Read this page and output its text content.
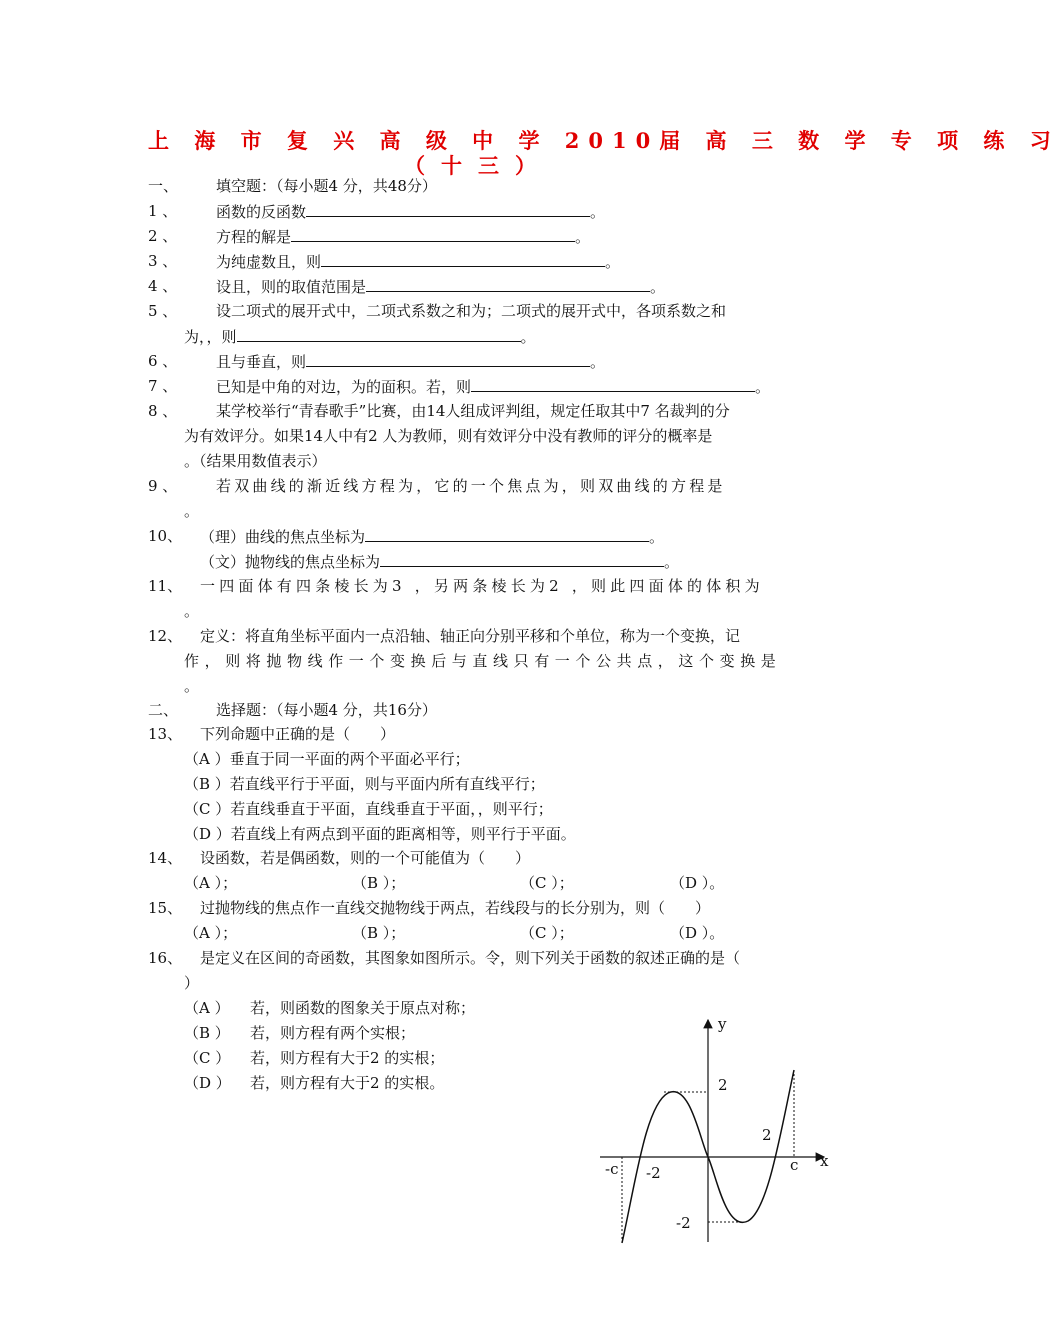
上 海 市 复 兴 高 级 中 学 2010届 高 三 数 学 专 项 练 习
（十三）
一、	填空题：（每小题4 分，共48分）
1 、	函数的反函数	。
2 、	方程的解是	。
3 、	为纯虚数且，则	。
4 、	设且，则的取值范围是	。
5 、	设二项式的展开式中，二项式系数之和为；二项式的展开式中，各项系数之和
为，，则	。
6 、	且与垂直，则	。
7 、	已知是中角的对边，为的面积。若，则	。
8 、	某学校举行“青春歌手”比赛，由14人组成评判组，规定任取其中7 名裁判的分
为有效评分。如果14人中有2 人为教师，则有效评分中没有教师的评分的概率是
。（结果用数值表示）
9 、	若双曲线的渐近线方程为，它的一个焦点为，则双曲线的方程是
。
10、 （理）曲线的焦点坐标为	。
（文）抛物线的焦点坐标为	。
11、 一四面体有四条棱长为3 ，另两条棱长为2 ，则此四面体的体积为
。
12、 定义：将直角坐标平面内一点沿轴、轴正向分别平移和个单位，称为一个变换，记
作，则将抛物线作一个变换后与直线只有一个公共点，这个变换是
。
二、	选择题：（每小题4 分，共16分）
13、 下列命题中正确的是（　　）
（A ）垂直于同一平面的两个平面必平行；
（B ）若直线平行于平面，则与平面内所有直线平行；
（C ）若直线垂直于平面，直线垂直于平面，，则平行；
（D ）若直线上有两点到平面的距离相等，则平行于平面。
14、 设函数，若是偶函数，则的一个可能值为（　　）
（A ）；	（B ）；	（C ）；	（D ）。
15、 过抛物线的焦点作一直线交抛物线于两点，若线段与的长分别为，则（　　）
（A ）；	（B ）；	（C ）；	（D ）。
16、 是定义在区间的奇函数，其图象如图所示。令，则下列关于函数的叙述正确的是（
）
（A ） 若，则函数的图象关于原点对称；
（B ） 若，则方程有两个实根；
（C ） 若，则方程有大于2 的实根；
（D ） 若，则方程有大于2 的实根。
y
x
2
-2
2
-2	c
-c
